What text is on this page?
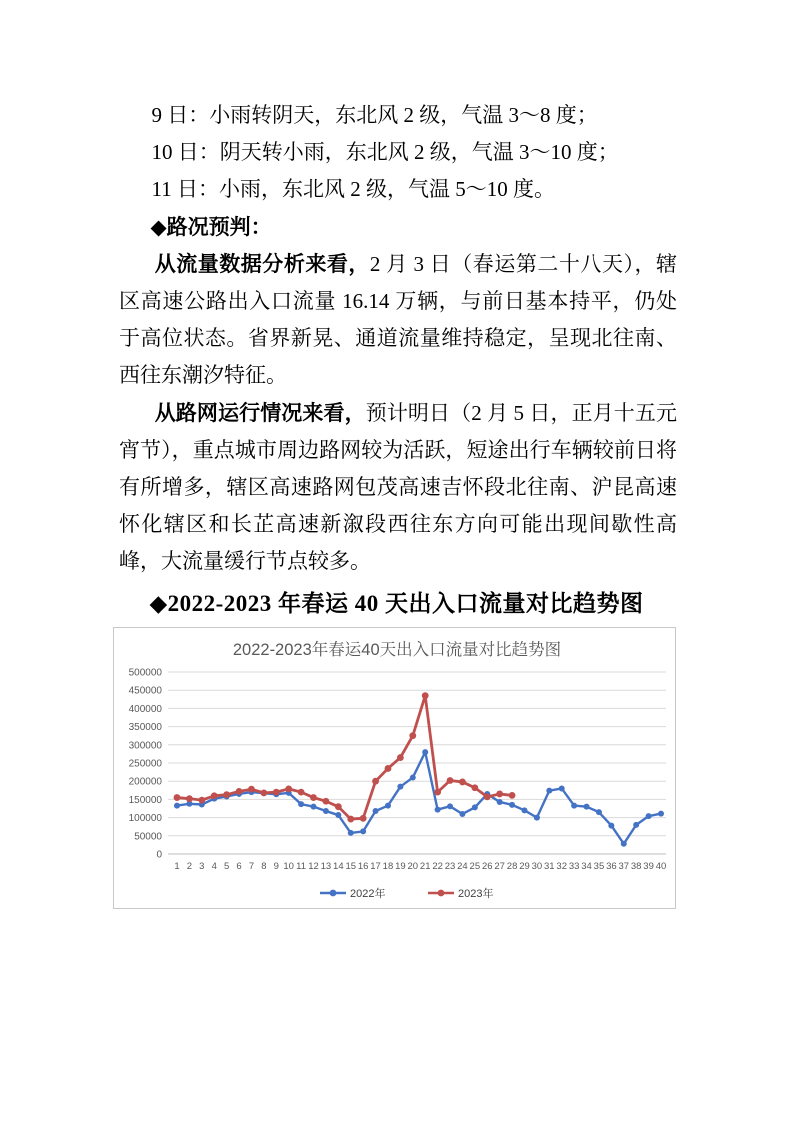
9 日：小雨转阴天，东北风 2 级，气温 3～8 度；
10 日：阴天转小雨，东北风 2 级，气温 3～10 度；
11 日：小雨，东北风 2 级，气温 5～10 度。
◆路况预判：

从流量数据分析来看，2 月 3 日（春运第二十八天），辖区高速公路出入口流量 16.14 万辆，与前日基本持平，仍处于高位状态。省界新晃、通道流量维持稳定，呈现北往南、西往东潮汐特征。

从路网运行情况来看，预计明日（2 月 5 日，正月十五元宵节），重点城市周边路网较为活跃，短途出行车辆较前日将有所增多，辖区高速路网包茂高速吉怀段北往南、沪昆高速怀化辖区和长芷高速新溆段西往东方向可能出现间歇性高峰，大流量缓行节点较多。

◆2022-2023 年春运 40 天出入口流量对比趋势图
2022-2023年春运40天出入口流量对比趋势图
0
50000
100000
150000
200000
250000
300000
350000
400000
450000
500000
1 2 3 4 5 6 7 8 9 10 11 12 13 14 15 16 17 18 19 20 21 22 23 24 25 26 27 28 29 30 31 32 33 34 35 36 37 38 39 40
2022年	2023年
